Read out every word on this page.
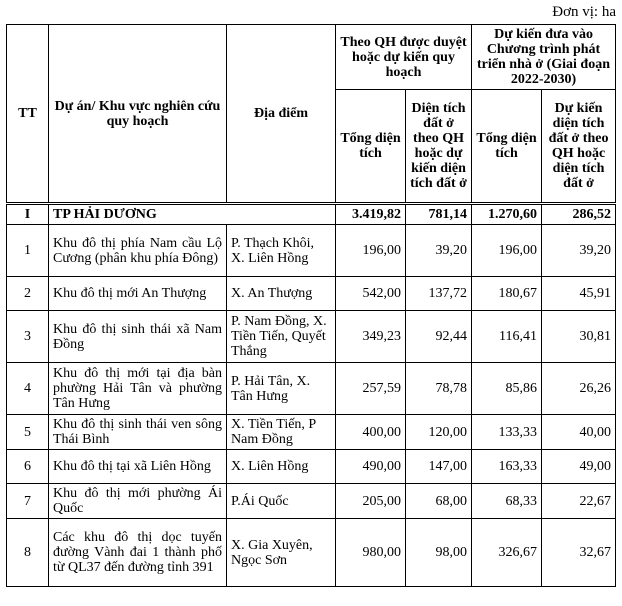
Đơn vị: ha
TT	Dự án/ Khu vực nghiên cứu quy hoạch	Địa điểm	Theo QH được duyệt hoặc dự kiến quy hoạch		Dự kiến đưa vào Chương trình phát triển nhà ở (Giai đoạn 2022-2030)	
			Tổng diện tích	Diện tích đất ở theo QH hoặc dự kiến diện tích đất ở	Tổng diện tích	Dự kiến diện tích đất ở theo QH hoặc diện tích đất ở
I	TP HẢI DƯƠNG		3.419,82	781,14	1.270,60	286,52
1	Khu đô thị phía Nam cầu Lộ Cương (phân khu phía Đông)	P. Thạch Khôi, X. Liên Hồng	196,00	39,20	196,00	39,20
2	Khu đô thị mới An Thượng	X. An Thượng	542,00	137,72	180,67	45,91
3	Khu đô thị sinh thái xã Nam Đồng	P. Nam Đồng, X. Tiền Tiến, Quyết Thắng	349,23	92,44	116,41	30,81
4	Khu đô thị mới tại địa bàn phường Hải Tân và phường Tân Hưng	P. Hải Tân, X. Tân Hưng	257,59	78,78	85,86	26,26
5	Khu đô thị sinh thái ven sông Thái Bình	X. Tiền Tiến, P Nam Đồng	400,00	120,00	133,33	40,00
6	Khu đô thị tại xã Liên Hồng	X. Liên Hồng	490,00	147,00	163,33	49,00
7	Khu đô thị mới phường Ái Quốc	P.Ái Quốc	205,00	68,00	68,33	22,67
8	Các khu đô thị dọc tuyến đường Vành đai 1 thành phố từ QL37 đến đường tỉnh 391	X. Gia Xuyên, Ngọc Sơn	980,00	98,00	326,67	32,67
